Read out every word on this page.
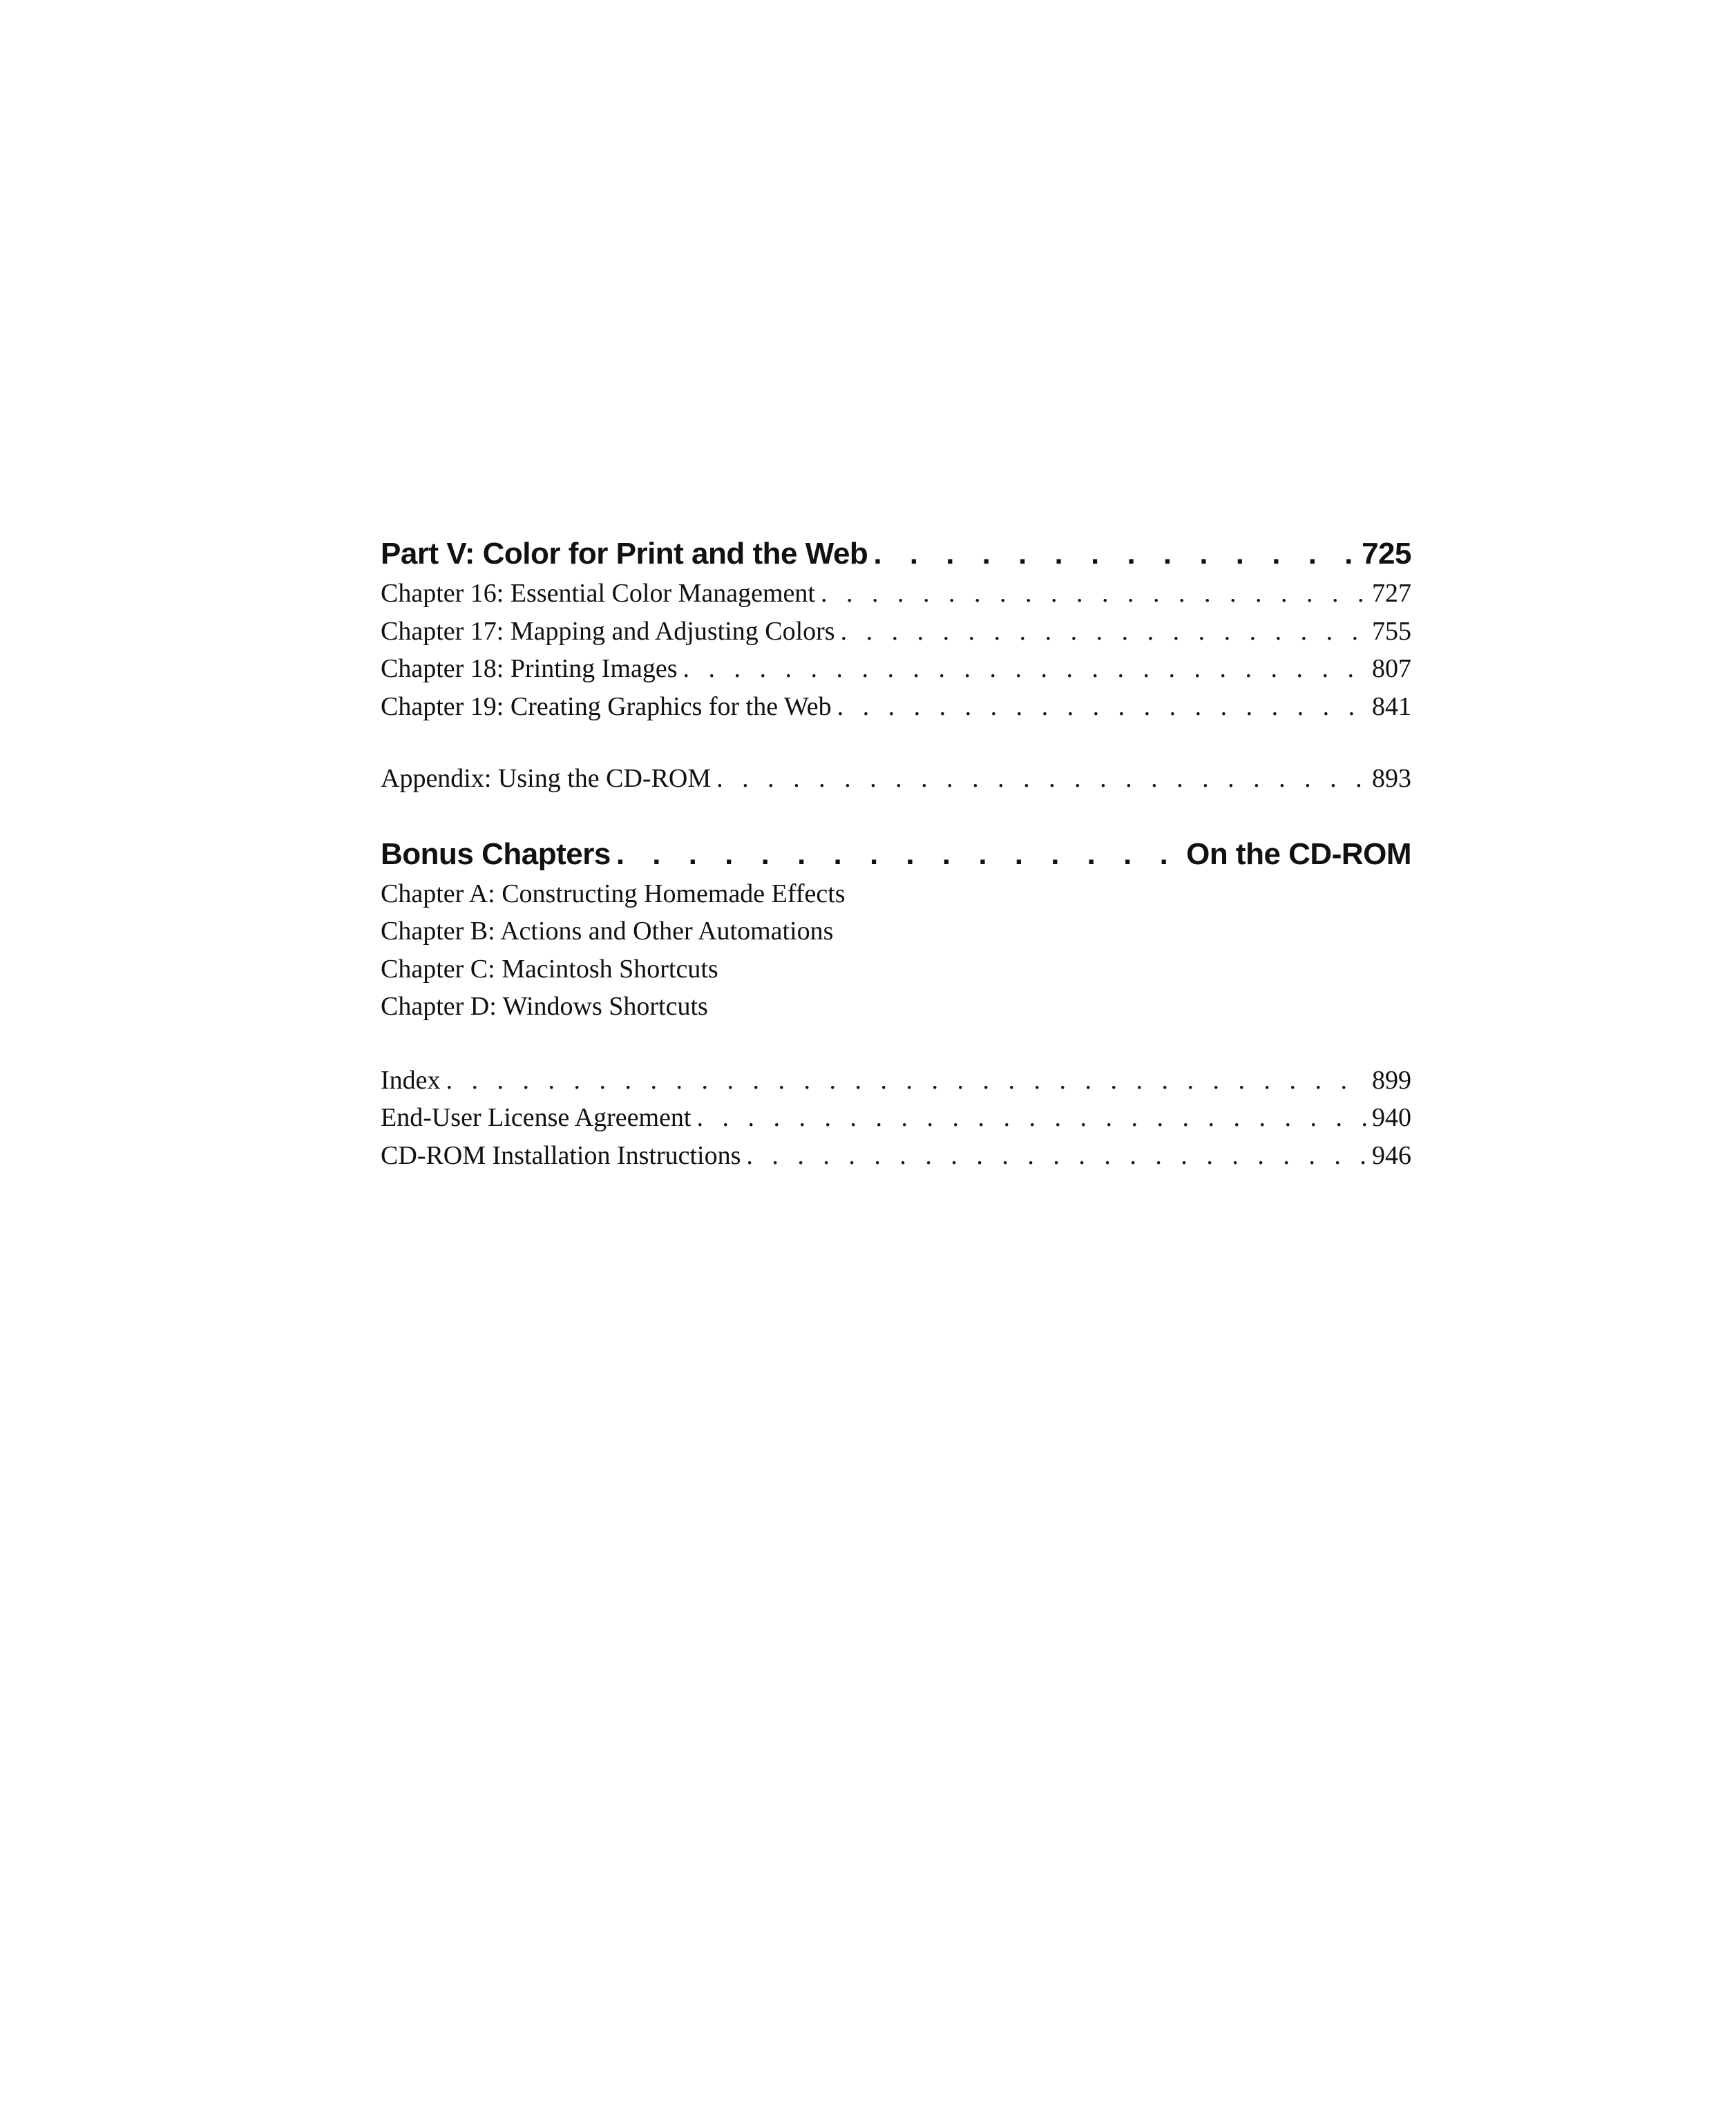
Part V: Color for Print and the Web . . .	725
Chapter 16: Essential Color Management . . .	727
Chapter 17: Mapping and Adjusting Colors . . .	755
Chapter 18: Printing Images . . .	807
Chapter 19: Creating Graphics for the Web . . .	841
Appendix: Using the CD-ROM . . .	893
Bonus Chapters . . .	On the CD-ROM
Chapter A: Constructing Homemade Effects
Chapter B: Actions and Other Automations
Chapter C: Macintosh Shortcuts
Chapter D: Windows Shortcuts
Index . . .	899
End-User License Agreement . . .	940
CD-ROM Installation Instructions . . .	946
